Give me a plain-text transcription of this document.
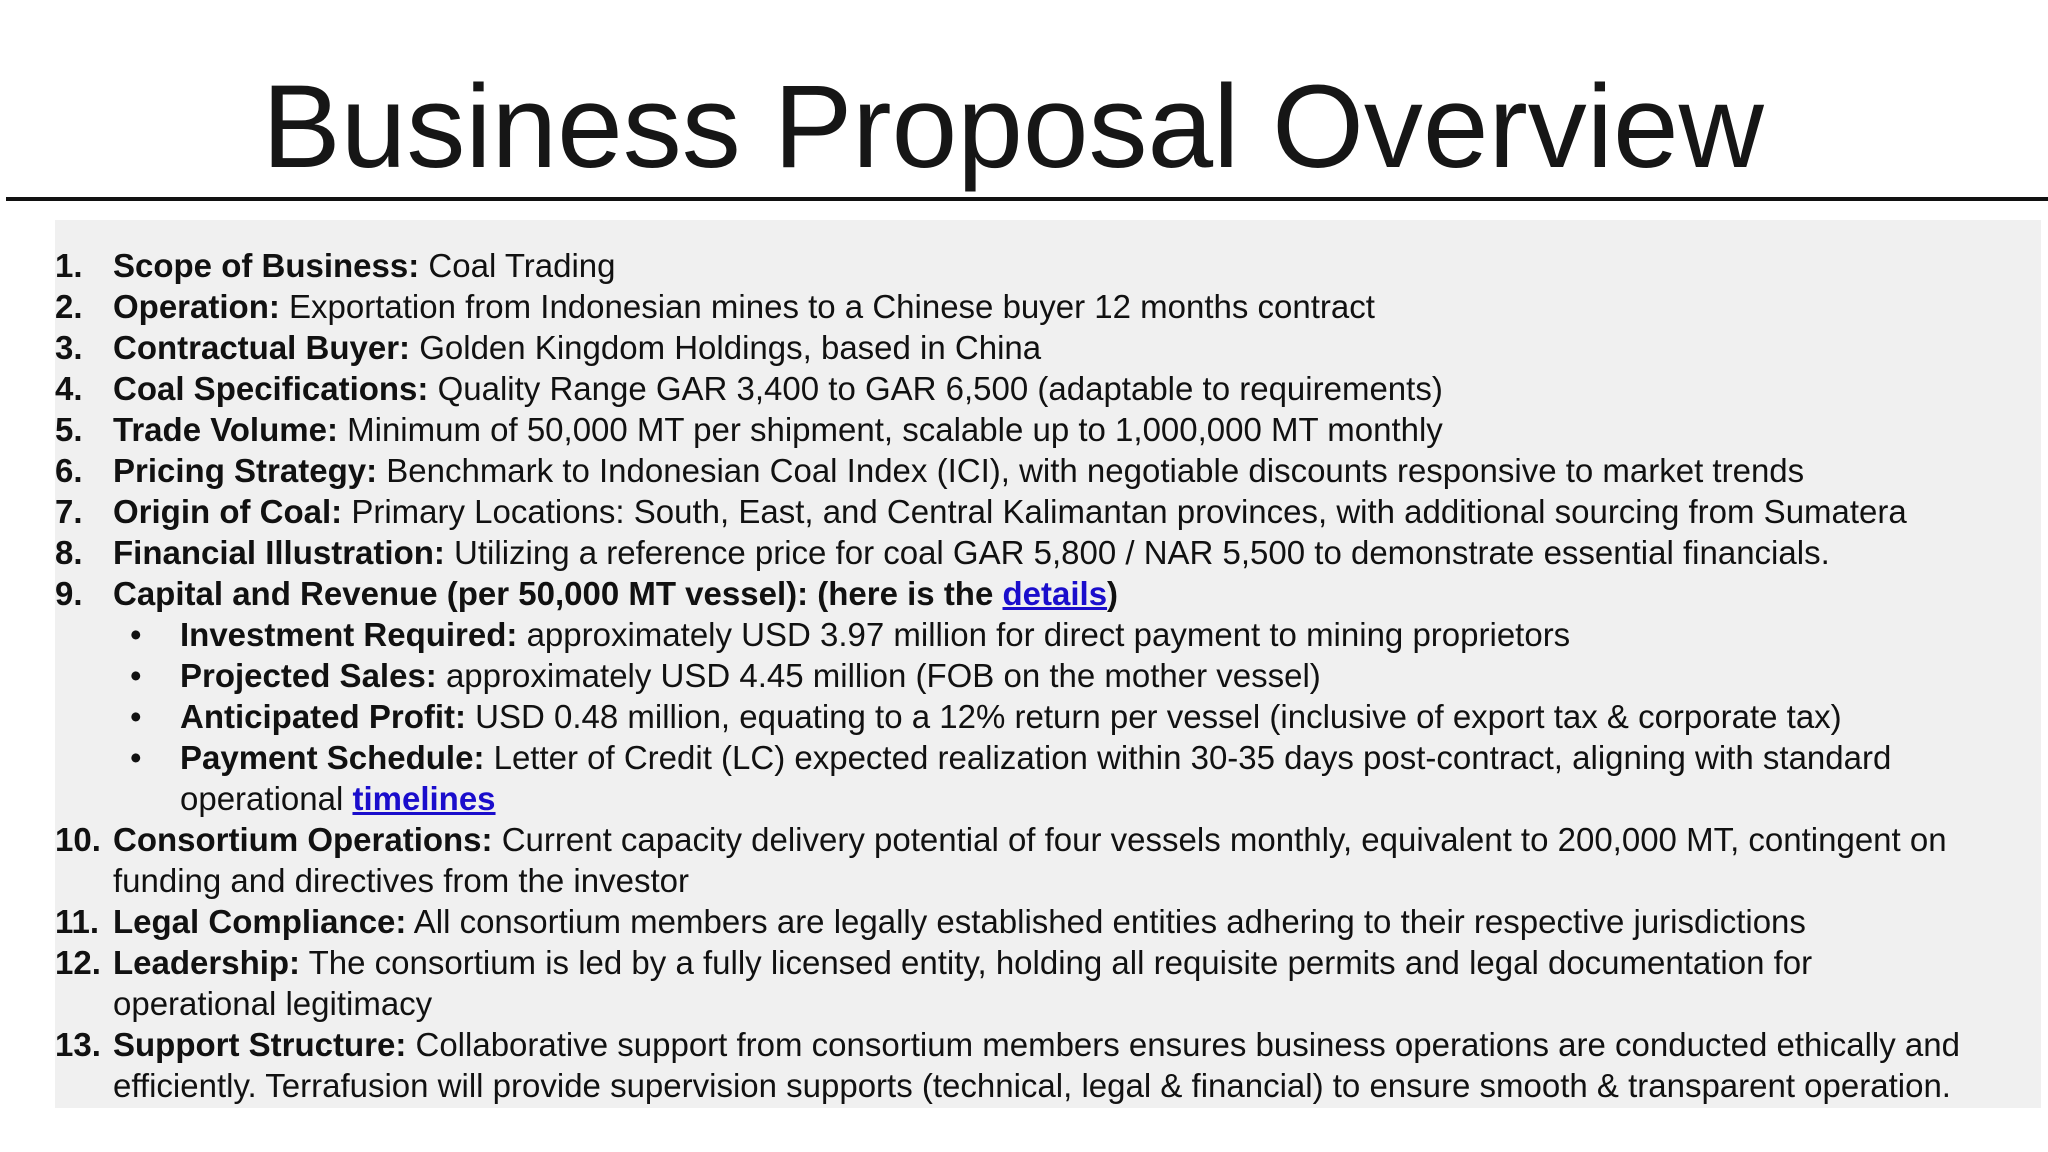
Business Proposal Overview
1. Scope of Business: Coal Trading
2. Operation: Exportation from Indonesian mines to a Chinese buyer 12 months contract
3. Contractual Buyer: Golden Kingdom Holdings, based in China
4. Coal Specifications: Quality Range GAR 3,400 to GAR 6,500 (adaptable to requirements)
5. Trade Volume: Minimum of 50,000 MT per shipment, scalable up to 1,000,000 MT monthly
6. Pricing Strategy: Benchmark to Indonesian Coal Index (ICI), with negotiable discounts responsive to market trends
7. Origin of Coal: Primary Locations: South, East, and Central Kalimantan provinces, with additional sourcing from Sumatera
8. Financial Illustration: Utilizing a reference price for coal GAR 5,800 / NAR 5,500 to demonstrate essential financials.
9. Capital and Revenue (per 50,000 MT vessel): (here is the details)
• Investment Required: approximately USD 3.97 million for direct payment to mining proprietors
• Projected Sales: approximately USD 4.45 million (FOB on the mother vessel)
• Anticipated Profit: USD 0.48 million, equating to a 12% return per vessel (inclusive of export tax & corporate tax)
• Payment Schedule: Letter of Credit (LC) expected realization within 30-35 days post-contract, aligning with standard
operational timelines
10. Consortium Operations: Current capacity delivery potential of four vessels monthly, equivalent to 200,000 MT, contingent on
funding and directives from the investor
11. Legal Compliance: All consortium members are legally established entities adhering to their respective jurisdictions
12. Leadership: The consortium is led by a fully licensed entity, holding all requisite permits and legal documentation for
operational legitimacy
13. Support Structure: Collaborative support from consortium members ensures business operations are conducted ethically and
efficiently. Terrafusion will provide supervision supports (technical, legal & financial) to ensure smooth & transparent operation.
